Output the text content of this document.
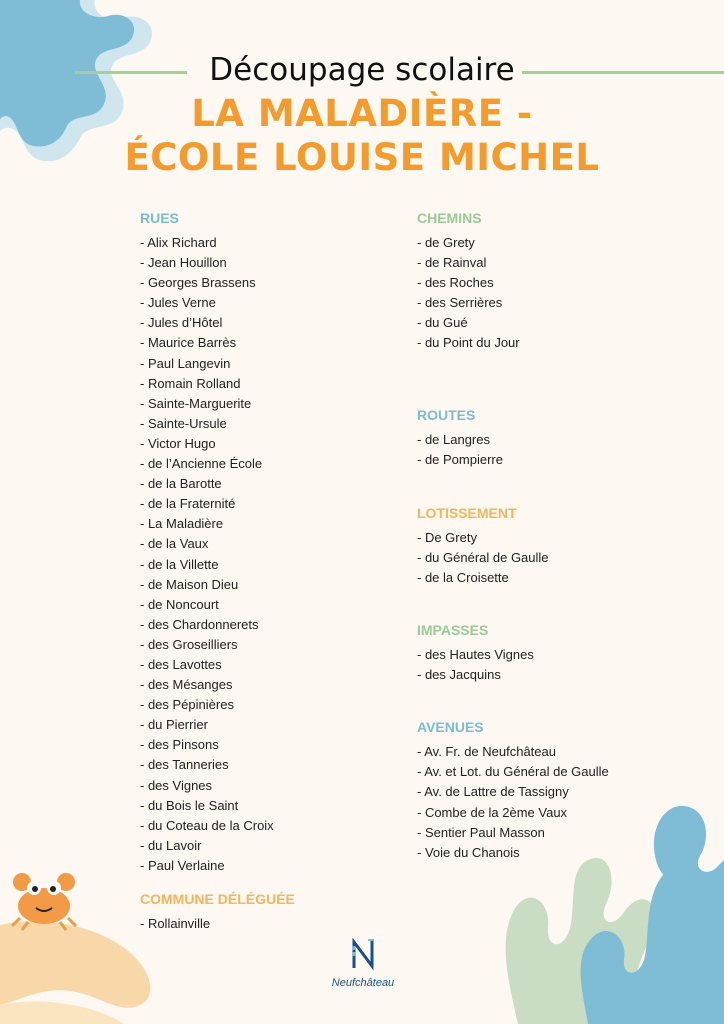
Découpage scolaire
LA MALADIÈRE -
ÉCOLE LOUISE MICHEL
RUES
- Alix Richard
- Jean Houillon
- Georges Brassens
- Jules Verne
- Jules d’Hôtel
- Maurice Barrès
- Paul Langevin
- Romain Rolland
- Sainte-Marguerite
- Sainte-Ursule
- Victor Hugo
- de l’Ancienne École
- de la Barotte
- de la Fraternité
- La Maladière
- de la Vaux
- de la Villette
- de Maison Dieu
- de Noncourt
- des Chardonnerets
- des Groseilliers
- des Lavottes
- des Mésanges
- des Pépinières
- du Pierrier
- des Pinsons
- des Tanneries
- des Vignes
- du Bois le Saint
- du Coteau de la Croix
- du Lavoir
- Paul Verlaine
COMMUNE DÉLÉGUÉE
- Rollainville
CHEMINS
- de Grety
- de Rainval
- des Roches
- des Serrières
- du Gué
- du Point du Jour
ROUTES
- de Langres
- de Pompierre
LOTISSEMENT
- De Grety
- du Général de Gaulle
- de la Croisette
IMPASSES
- des Hautes Vignes
- des Jacquins
AVENUES
- Av. Fr. de Neufchâteau
- Av. et Lot. du Général de Gaulle
- Av. de Lattre de Tassigny
- Combe de la 2ème Vaux
- Sentier Paul Masson
- Voie du Chanois
Neufchâteau
